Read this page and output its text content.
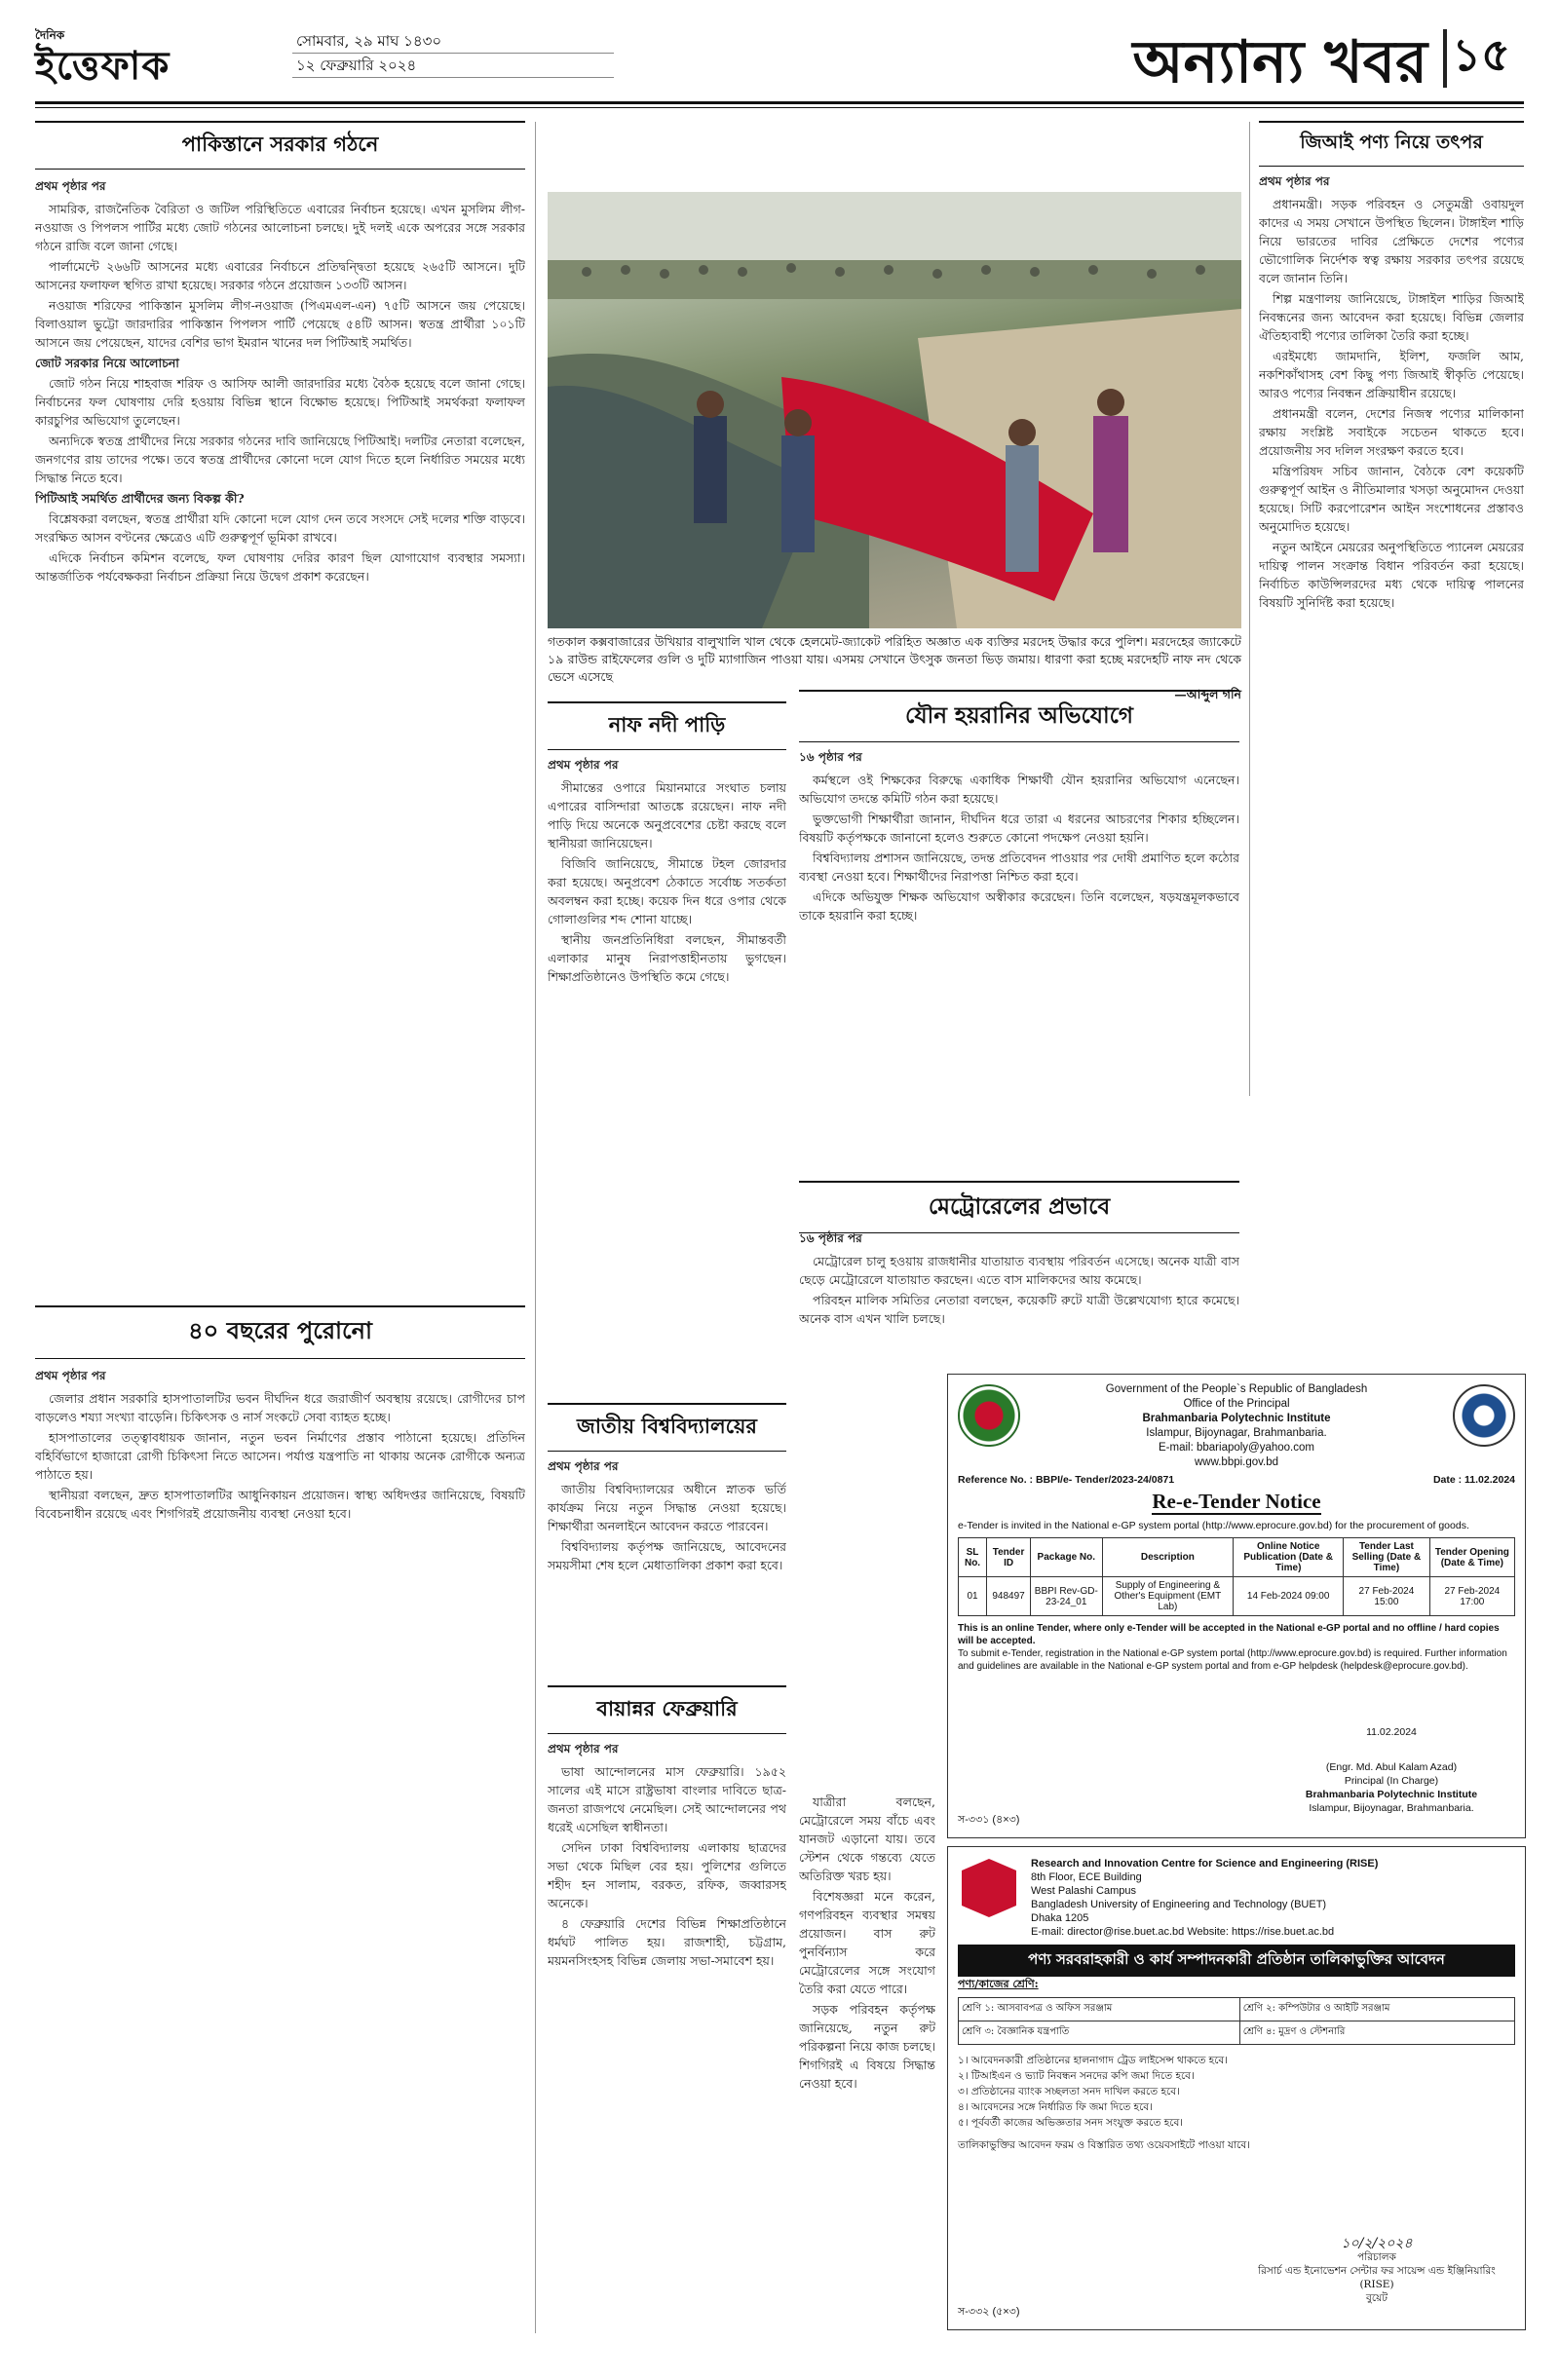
দৈনিক
ইত্তেফাক
সোমবার, ২৯ মাঘ ১৪৩০
১২ ফেব্রুয়ারি ২০২৪	অন্যান্য খবর ১৫
পাকিস্তানে সরকার গঠনে

প্রথম পৃষ্ঠার পর

সামরিক, রাজনৈতিক বৈরিতা ও জটিল পরিস্থিতিতে এবারের নির্বাচন হয়েছে। এখন মুসলিম লীগ-নওয়াজ ও পিপলস পার্টির মধ্যে জোট গঠনের আলোচনা চলছে। দুই দলই একে অপরের সঙ্গে সরকার গঠনে রাজি বলে জানা গেছে।

পার্লামেন্টে ২৬৬টি আসনের মধ্যে এবারের নির্বাচনে প্রতিদ্বন্দ্বিতা হয়েছে ২৬৫টি আসনে। দুটি আসনের ফলাফল স্থগিত রাখা হয়েছে। সরকার গঠনে প্রয়োজন ১৩৩টি আসন।

নওয়াজ শরিফের পাকিস্তান মুসলিম লীগ-নওয়াজ (পিএমএল-এন) ৭৫টি আসনে জয় পেয়েছে। বিলাওয়াল ভুট্টো জারদারির পাকিস্তান পিপলস পার্টি পেয়েছে ৫৪টি আসন। স্বতন্ত্র প্রার্থীরা ১০১টি আসনে জয় পেয়েছেন, যাদের বেশির ভাগ ইমরান খানের দল পিটিআই সমর্থিত।

জোট সরকার নিয়ে আলোচনা

জোট গঠন নিয়ে শাহবাজ শরিফ ও আসিফ আলী জারদারির মধ্যে বৈঠক হয়েছে বলে জানা গেছে। নির্বাচনের ফল ঘোষণায় দেরি হওয়ায় বিভিন্ন স্থানে বিক্ষোভ হয়েছে। পিটিআই সমর্থকরা ফলাফল কারচুপির অভিযোগ তুলেছেন।

অন্যদিকে স্বতন্ত্র প্রার্থীদের নিয়ে সরকার গঠনের দাবি জানিয়েছে পিটিআই। দলটির নেতারা বলেছেন, জনগণের রায় তাদের পক্ষে। তবে স্বতন্ত্র প্রার্থীদের কোনো দলে যোগ দিতে হলে নির্ধারিত সময়ের মধ্যে সিদ্ধান্ত নিতে হবে।

পিটিআই সমর্থিত প্রার্থীদের জন্য বিকল্প কী?

বিশ্লেষকরা বলছেন, স্বতন্ত্র প্রার্থীরা যদি কোনো দলে যোগ দেন তবে সংসদে সেই দলের শক্তি বাড়বে। সংরক্ষিত আসন বণ্টনের ক্ষেত্রেও এটি গুরুত্বপূর্ণ ভূমিকা রাখবে।

এদিকে নির্বাচন কমিশন বলেছে, ফল ঘোষণায় দেরির কারণ ছিল যোগাযোগ ব্যবস্থার সমস্যা। আন্তর্জাতিক পর্যবেক্ষকরা নির্বাচন প্রক্রিয়া নিয়ে উদ্বেগ প্রকাশ করেছেন।

৪০ বছরের পুরোনো

প্রথম পৃষ্ঠার পর

জেলার প্রধান সরকারি হাসপাতালটির ভবন দীর্ঘদিন ধরে জরাজীর্ণ অবস্থায় রয়েছে। রোগীদের চাপ বাড়লেও শয্যা সংখ্যা বাড়েনি। চিকিৎসক ও নার্স সংকটে সেবা ব্যাহত হচ্ছে।

হাসপাতালের তত্ত্বাবধায়ক জানান, নতুন ভবন নির্মাণের প্রস্তাব পাঠানো হয়েছে। প্রতিদিন বহির্বিভাগে হাজারো রোগী চিকিৎসা নিতে আসেন। পর্যাপ্ত যন্ত্রপাতি না থাকায় অনেক রোগীকে অন্যত্র পাঠাতে হয়।

স্থানীয়রা বলছেন, দ্রুত হাসপাতালটির আধুনিকায়ন প্রয়োজন। স্বাস্থ্য অধিদপ্তর জানিয়েছে, বিষয়টি বিবেচনাধীন রয়েছে এবং শিগগিরই প্রয়োজনীয় ব্যবস্থা নেওয়া হবে।

গতকাল কক্সবাজারের উখিয়ার বালুখালি খাল থেকে হেলমেট-জ্যাকেট পরিহিত অজ্ঞাত এক ব্যক্তির মরদেহ উদ্ধার করে পুলিশ। মরদেহের জ্যাকেটে ১৯ রাউন্ড রাইফেলের গুলি ও দুটি ম্যাগাজিন পাওয়া যায়। এসময় সেখানে উৎসুক জনতা ভিড় জমায়। ধারণা করা হচ্ছে মরদেহটি নাফ নদ থেকে ভেসে এসেছে
—আব্দুল গনি
নাফ নদী পাড়ি

প্রথম পৃষ্ঠার পর

সীমান্তের ওপারে মিয়ানমারে সংঘাত চলায় এপারের বাসিন্দারা আতঙ্কে রয়েছেন। নাফ নদী পাড়ি দিয়ে অনেকে অনুপ্রবেশের চেষ্টা করছে বলে স্থানীয়রা জানিয়েছেন।

বিজিবি জানিয়েছে, সীমান্তে টহল জোরদার করা হয়েছে। অনুপ্রবেশ ঠেকাতে সর্বোচ্চ সতর্কতা অবলম্বন করা হচ্ছে। কয়েক দিন ধরে ওপার থেকে গোলাগুলির শব্দ শোনা যাচ্ছে।

স্থানীয় জনপ্রতিনিধিরা বলছেন, সীমান্তবর্তী এলাকার মানুষ নিরাপত্তাহীনতায় ভুগছেন। শিক্ষাপ্রতিষ্ঠানেও উপস্থিতি কমে গেছে।

জাতীয় বিশ্ববিদ্যালয়ের

প্রথম পৃষ্ঠার পর

জাতীয় বিশ্ববিদ্যালয়ের অধীনে স্নাতক ভর্তি কার্যক্রম নিয়ে নতুন সিদ্ধান্ত নেওয়া হয়েছে। শিক্ষার্থীরা অনলাইনে আবেদন করতে পারবেন।

বিশ্ববিদ্যালয় কর্তৃপক্ষ জানিয়েছে, আবেদনের সময়সীমা শেষ হলে মেধাতালিকা প্রকাশ করা হবে।

বায়ান্নর ফেব্রুয়ারি

প্রথম পৃষ্ঠার পর

ভাষা আন্দোলনের মাস ফেব্রুয়ারি। ১৯৫২ সালের এই মাসে রাষ্ট্রভাষা বাংলার দাবিতে ছাত্র-জনতা রাজপথে নেমেছিল। সেই আন্দোলনের পথ ধরেই এসেছিল স্বাধীনতা।

সেদিন ঢাকা বিশ্ববিদ্যালয় এলাকায় ছাত্রদের সভা থেকে মিছিল বের হয়। পুলিশের গুলিতে শহীদ হন সালাম, বরকত, রফিক, জব্বারসহ অনেকে।

৪ ফেব্রুয়ারি দেশের বিভিন্ন শিক্ষাপ্রতিষ্ঠানে ধর্মঘট পালিত হয়। রাজশাহী, চট্টগ্রাম, ময়মনসিংহসহ বিভিন্ন জেলায় সভা-সমাবেশ হয়।

যৌন হয়রানির অভিযোগে

১৬ পৃষ্ঠার পর

কর্মস্থলে ওই শিক্ষকের বিরুদ্ধে একাধিক শিক্ষার্থী যৌন হয়রানির অভিযোগ এনেছেন। অভিযোগ তদন্তে কমিটি গঠন করা হয়েছে।

ভুক্তভোগী শিক্ষার্থীরা জানান, দীর্ঘদিন ধরে তারা এ ধরনের আচরণের শিকার হচ্ছিলেন। বিষয়টি কর্তৃপক্ষকে জানানো হলেও শুরুতে কোনো পদক্ষেপ নেওয়া হয়নি।

বিশ্ববিদ্যালয় প্রশাসন জানিয়েছে, তদন্ত প্রতিবেদন পাওয়ার পর দোষী প্রমাণিত হলে কঠোর ব্যবস্থা নেওয়া হবে। শিক্ষার্থীদের নিরাপত্তা নিশ্চিত করা হবে।

এদিকে অভিযুক্ত শিক্ষক অভিযোগ অস্বীকার করেছেন। তিনি বলেছেন, ষড়যন্ত্রমূলকভাবে তাকে হয়রানি করা হচ্ছে।

মেট্রোরেলের প্রভাবে

১৬ পৃষ্ঠার পর

মেট্রোরেল চালু হওয়ায় রাজধানীর যাতায়াত ব্যবস্থায় পরিবর্তন এসেছে। অনেক যাত্রী বাস ছেড়ে মেট্রোরেলে যাতায়াত করছেন। এতে বাস মালিকদের আয় কমেছে।

পরিবহন মালিক সমিতির নেতারা বলছেন, কয়েকটি রুটে যাত্রী উল্লেখযোগ্য হারে কমেছে। অনেক বাস এখন খালি চলছে।

যাত্রীরা বলছেন, মেট্রোরেলে সময় বাঁচে এবং যানজট এড়ানো যায়। তবে স্টেশন থেকে গন্তব্যে যেতে অতিরিক্ত খরচ হয়।

বিশেষজ্ঞরা মনে করেন, গণপরিবহন ব্যবস্থার সমন্বয় প্রয়োজন। বাস রুট পুনর্বিন্যাস করে মেট্রোরেলের সঙ্গে সংযোগ তৈরি করা যেতে পারে।

সড়ক পরিবহন কর্তৃপক্ষ জানিয়েছে, নতুন রুট পরিকল্পনা নিয়ে কাজ চলছে। শিগগিরই এ বিষয়ে সিদ্ধান্ত নেওয়া হবে।

জিআই পণ্য নিয়ে তৎপর

প্রথম পৃষ্ঠার পর

প্রধানমন্ত্রী। সড়ক পরিবহন ও সেতুমন্ত্রী ওবায়দুল কাদের এ সময় সেখানে উপস্থিত ছিলেন। টাঙ্গাইল শাড়ি নিয়ে ভারতের দাবির প্রেক্ষিতে দেশের পণ্যের ভৌগোলিক নির্দেশক স্বত্ব রক্ষায় সরকার তৎপর রয়েছে বলে জানান তিনি।

শিল্প মন্ত্রণালয় জানিয়েছে, টাঙ্গাইল শাড়ির জিআই নিবন্ধনের জন্য আবেদন করা হয়েছে। বিভিন্ন জেলার ঐতিহ্যবাহী পণ্যের তালিকা তৈরি করা হচ্ছে।

এরইমধ্যে জামদানি, ইলিশ, ফজলি আম, নকশিকাঁথাসহ বেশ কিছু পণ্য জিআই স্বীকৃতি পেয়েছে। আরও পণ্যের নিবন্ধন প্রক্রিয়াধীন রয়েছে।

প্রধানমন্ত্রী বলেন, দেশের নিজস্ব পণ্যের মালিকানা রক্ষায় সংশ্লিষ্ট সবাইকে সচেতন থাকতে হবে। প্রয়োজনীয় সব দলিল সংরক্ষণ করতে হবে।

মন্ত্রিপরিষদ সচিব জানান, বৈঠকে বেশ কয়েকটি গুরুত্বপূর্ণ আইন ও নীতিমালার খসড়া অনুমোদন দেওয়া হয়েছে। সিটি করপোরেশন আইন সংশোধনের প্রস্তাবও অনুমোদিত হয়েছে।

নতুন আইনে মেয়রের অনুপস্থিতিতে প্যানেল মেয়রের দায়িত্ব পালন সংক্রান্ত বিধান পরিবর্তন করা হয়েছে। নির্বাচিত কাউন্সিলরদের মধ্য থেকে দায়িত্ব পালনের বিষয়টি সুনির্দিষ্ট করা হয়েছে।

Government of the People`s Republic of Bangladesh
Office of the Principal
Brahmanbaria Polytechnic Institute
Islampur, Bijoynagar, Brahmanbaria.
E-mail: bbariapoly@yahoo.com
www.bbpi.gov.bd
Reference No. : BBPI/e- Tender/2023-24/0871	Date : 11.02.2024
Re-e-Tender Notice
e-Tender is invited in the National e-GP system portal (http://www.eprocure.gov.bd) for the procurement of goods.
SL No.	Tender ID	Package No.	Description	Online Notice Publication (Date & Time)	Tender Last Selling (Date & Time)	Tender Opening (Date & Time)
01	948497	BBPI Rev-GD-23-24_01	Supply of Engineering & Other's Equipment (EMT Lab)	14 Feb-2024 09:00	27 Feb-2024 15:00	27 Feb-2024 17:00
This is an online Tender, where only e-Tender will be accepted in the National e-GP portal and no offline / hard copies will be accepted.
To submit e-Tender, registration in the National e-GP system portal (http://www.eprocure.gov.bd) is required. Further information and guidelines are available in the National e-GP system portal and from e-GP helpdesk (helpdesk@eprocure.gov.bd).
11.02.2024
(Engr. Md. Abul Kalam Azad)
Principal (In Charge)
Brahmanbaria Polytechnic Institute
Islampur, Bijoynagar, Brahmanbaria.
স-৩৩১ (৪×৩)
Research and Innovation Centre for Science and Engineering (RISE)
8th Floor, ECE Building
West Palashi Campus
Bangladesh University of Engineering and Technology (BUET)
Dhaka 1205
E-mail: director@rise.buet.ac.bd Website: https://rise.buet.ac.bd
পণ্য সরবরাহকারী ও কার্য সম্পাদনকারী প্রতিষ্ঠান তালিকাভুক্তির আবেদন
পণ্য/কাজের শ্রেণি:
শ্রেণি ১: আসবাবপত্র ও অফিস সরঞ্জাম	শ্রেণি ২: কম্পিউটার ও আইটি সরঞ্জাম
শ্রেণি ৩: বৈজ্ঞানিক যন্ত্রপাতি	শ্রেণি ৪: মুদ্রণ ও স্টেশনারি
১। আবেদনকারী প্রতিষ্ঠানের হালনাগাদ ট্রেড লাইসেন্স থাকতে হবে।
২। টিআইএন ও ভ্যাট নিবন্ধন সনদের কপি জমা দিতে হবে।
৩। প্রতিষ্ঠানের ব্যাংক সচ্ছলতা সনদ দাখিল করতে হবে।
৪। আবেদনের সঙ্গে নির্ধারিত ফি জমা দিতে হবে।
৫। পূর্ববর্তী কাজের অভিজ্ঞতার সনদ সংযুক্ত করতে হবে।
তালিকাভুক্তির আবেদন ফরম ও বিস্তারিত তথ্য ওয়েবসাইটে পাওয়া যাবে।
১০/২/২০২৪
পরিচালক
রিসার্চ এন্ড ইনোভেশন সেন্টার ফর সায়েন্স এন্ড ইঞ্জিনিয়ারিং (RISE)
বুয়েট
স-৩৩২ (৫×৩)
